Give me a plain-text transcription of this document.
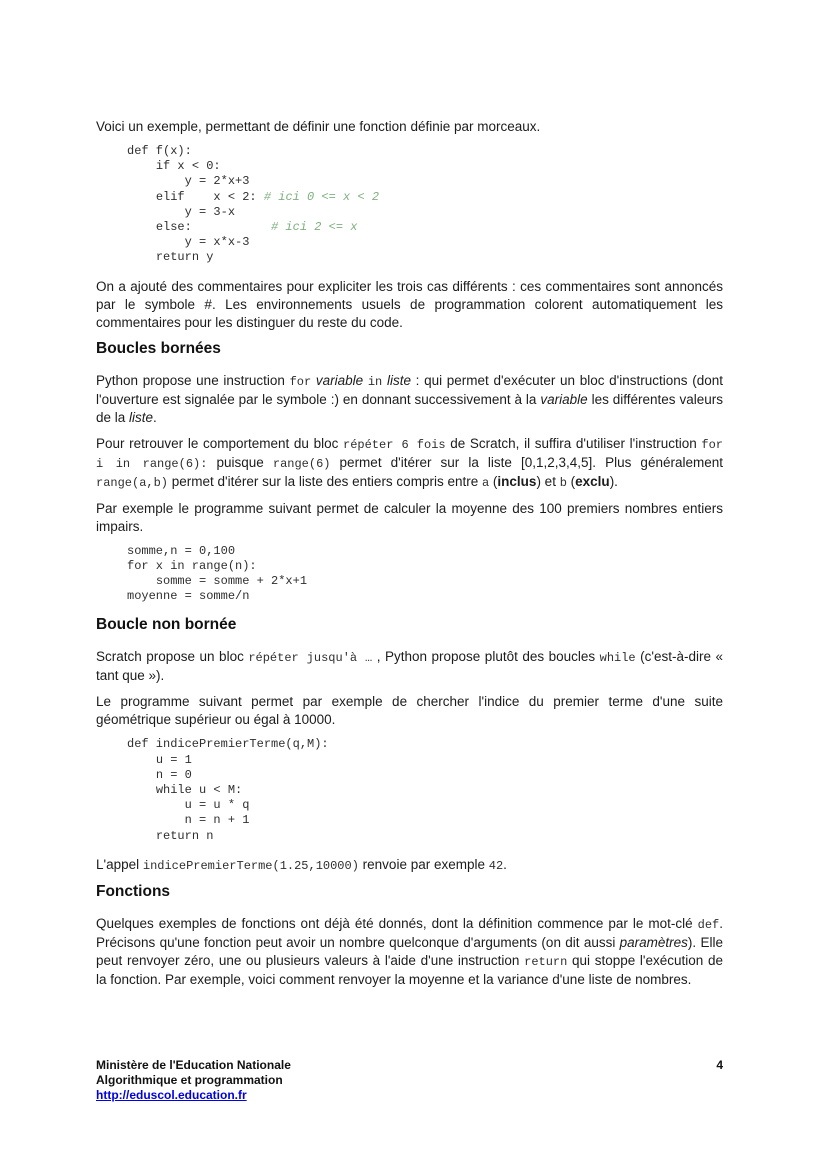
Voici un exemple, permettant de définir une fonction définie par morceaux.

def f(x):
if x < 0:
y = 2*x+3
elif    x < 2: # ici 0 <= x < 2
y = 3-x
else:           # ici 2 <= x
y = x*x-3
return y

On a ajouté des commentaires pour expliciter les trois cas différents : ces commentaires sont annoncés par le symbole #. Les environnements usuels de programmation colorent automatiquement les commentaires pour les distinguer du reste du code.

Boucles bornées

Python propose une instruction for variable in liste : qui permet d'exécuter un bloc d'instructions (dont l'ouverture est signalée par le symbole :) en donnant successivement à la variable les différentes valeurs de la liste.

Pour retrouver le comportement du bloc répéter 6 fois de Scratch, il suffira d'utiliser l'instruction for i in range(6): puisque range(6) permet d'itérer sur la liste [0,1,2,3,4,5]. Plus généralement range(a,b) permet d'itérer sur la liste des entiers compris entre a (inclus) et b (exclu).

Par exemple le programme suivant permet de calculer la moyenne des 100 premiers nombres entiers impairs.

somme,n = 0,100
for x in range(n):
somme = somme + 2*x+1
moyenne = somme/n
Boucle non bornée

Scratch propose un bloc répéter jusqu'à … , Python propose plutôt des boucles while (c'est-à-dire « tant que »).

Le programme suivant permet par exemple de chercher l'indice du premier terme d'une suite géométrique supérieur ou égal à 10000.

def indicePremierTerme(q,M):
u = 1
n = 0
while u < M:
u = u * q
n = n + 1
return n

L'appel indicePremierTerme(1.25,10000) renvoie par exemple 42.

Fonctions

Quelques exemples de fonctions ont déjà été donnés, dont la définition commence par le mot-clé def. Précisons qu'une fonction peut avoir un nombre quelconque d'arguments (on dit aussi paramètres). Elle peut renvoyer zéro, une ou plusieurs valeurs à l'aide d'une instruction return qui stoppe l'exécution de la fonction. Par exemple, voici comment renvoyer la moyenne et la variance d'une liste de nombres.

Ministère de l'Education Nationale
Algorithmique et programmation
http://eduscol.education.fr
4
